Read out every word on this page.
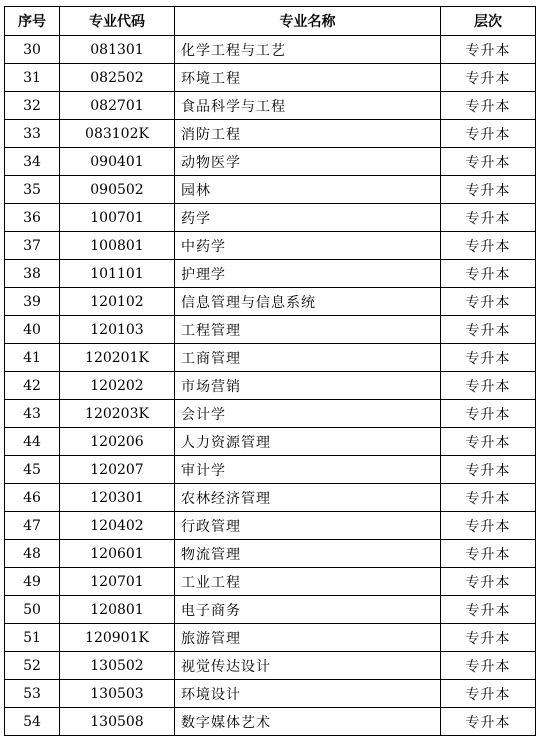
序号	专业代码	专业名称	层次
30	081301	化学工程与工艺	专升本
31	082502	环境工程	专升本
32	082701	食品科学与工程	专升本
33	083102K	消防工程	专升本
34	090401	动物医学	专升本
35	090502	园林	专升本
36	100701	药学	专升本
37	100801	中药学	专升本
38	101101	护理学	专升本
39	120102	信息管理与信息系统	专升本
40	120103	工程管理	专升本
41	120201K	工商管理	专升本
42	120202	市场营销	专升本
43	120203K	会计学	专升本
44	120206	人力资源管理	专升本
45	120207	审计学	专升本
46	120301	农林经济管理	专升本
47	120402	行政管理	专升本
48	120601	物流管理	专升本
49	120701	工业工程	专升本
50	120801	电子商务	专升本
51	120901K	旅游管理	专升本
52	130502	视觉传达设计	专升本
53	130503	环境设计	专升本
54	130508	数字媒体艺术	专升本
